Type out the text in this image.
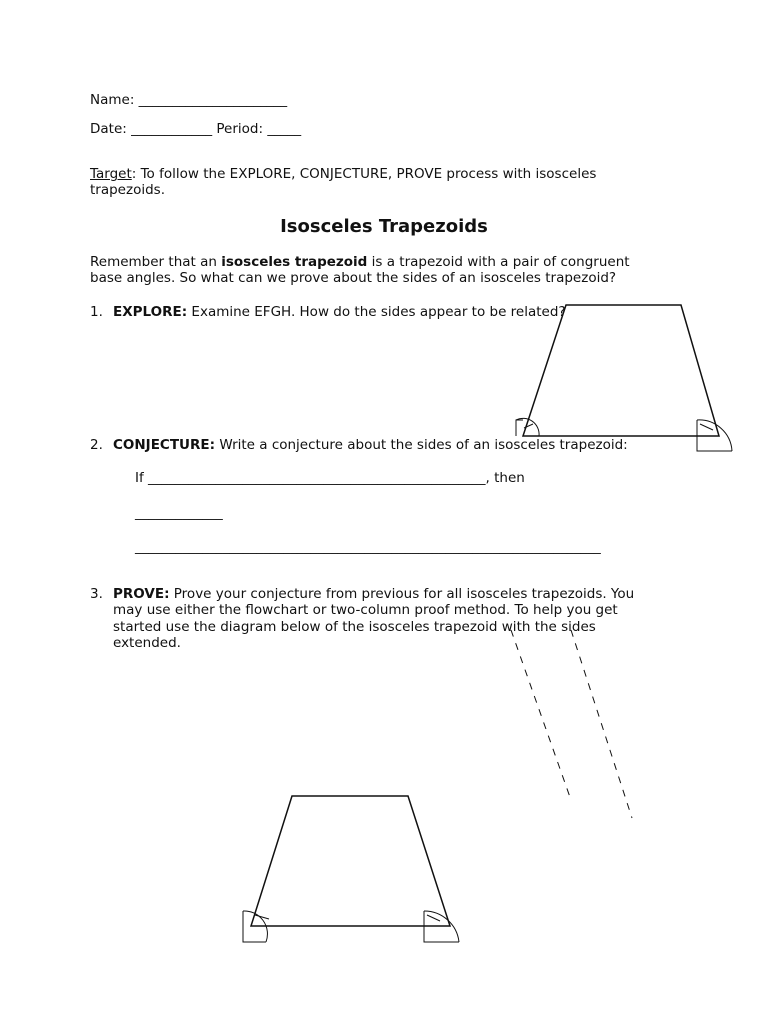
Name: ______________________
Date: ____________ Period: _____
Target: To follow the EXPLORE, CONJECTURE, PROVE process with isosceles
trapezoids.
Isosceles Trapezoids
Remember that an isosceles trapezoid is a trapezoid with a pair of congruent
base angles. So what can we prove about the sides of an isosceles trapezoid?
1. EXPLORE: Examine EFGH. How do the sides appear to be related?
2. CONJECTURE: Write a conjecture about the sides of an isosceles trapezoid:
If __________________________________________________, then
_____________
_____________________________________________________________________
3. PROVE: Prove your conjecture from previous for all isosceles trapezoids. You
may use either the flowchart or two-column proof method. To help you get
started use the diagram below of the isosceles trapezoid with the sides
extended.
